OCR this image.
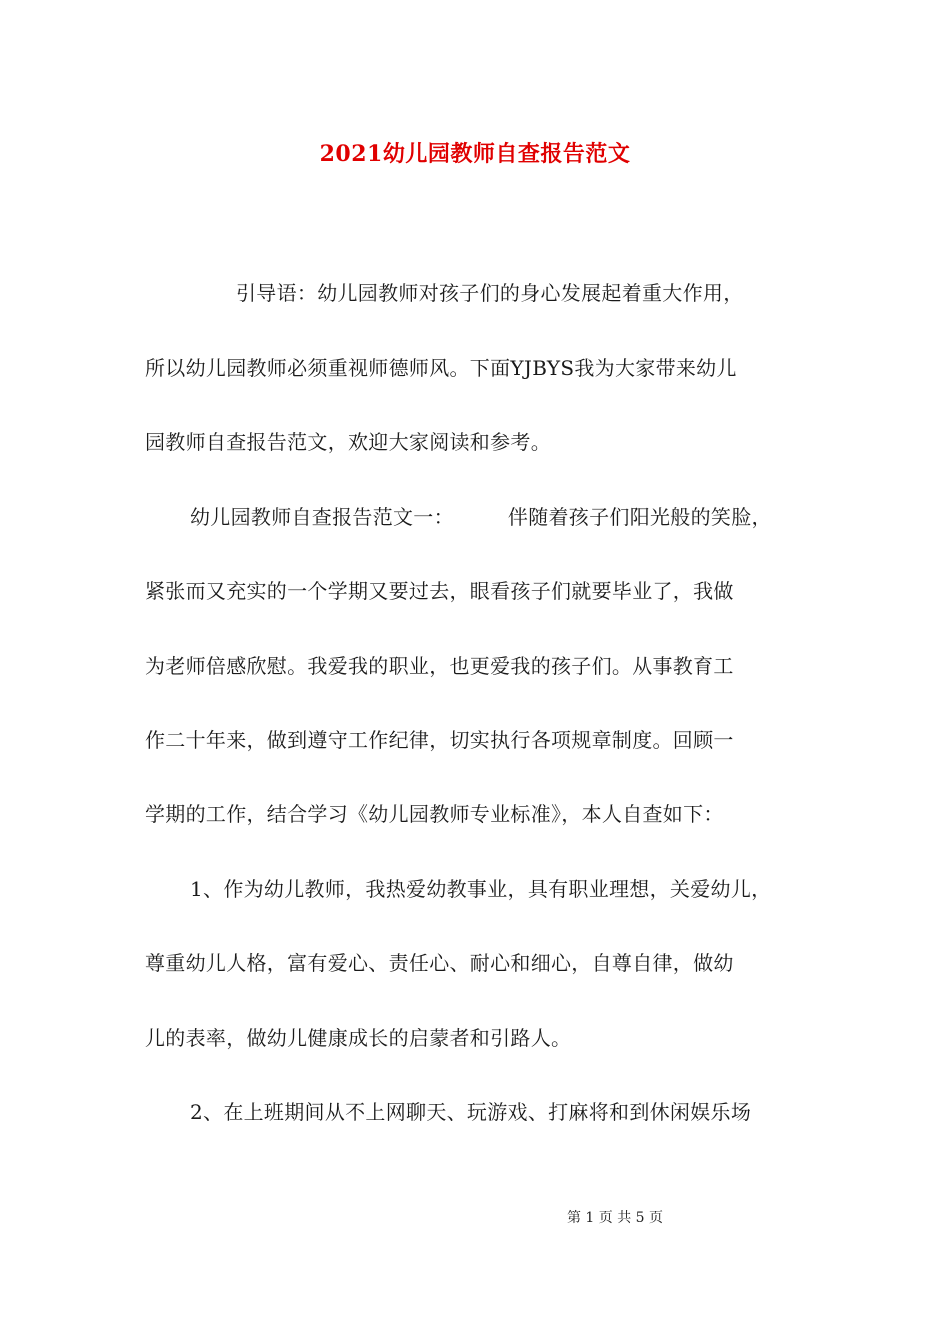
2021幼儿园教师自查报告范文
引导语：幼儿园教师对孩子们的身心发展起着重大作用，
所以幼儿园教师必须重视师德师风。下面YJBYS我为大家带来幼儿
园教师自查报告范文，欢迎大家阅读和参考。
幼儿园教师自查报告范文一：	伴随着孩子们阳光般的笑脸，
紧张而又充实的一个学期又要过去，眼看孩子们就要毕业了，我做
为老师倍感欣慰。我爱我的职业，也更爱我的孩子们。从事教育工
作二十年来，做到遵守工作纪律，切实执行各项规章制度。回顾一
学期的工作，结合学习《幼儿园教师专业标准》，本人自查如下：
1、作为幼儿教师，我热爱幼教事业，具有职业理想，关爱幼儿，
尊重幼儿人格，富有爱心、责任心、耐心和细心，自尊自律，做幼
儿的表率，做幼儿健康成长的启蒙者和引路人。
2、在上班期间从不上网聊天、玩游戏、打麻将和到休闲娱乐场
第 1 页 共 5 页
